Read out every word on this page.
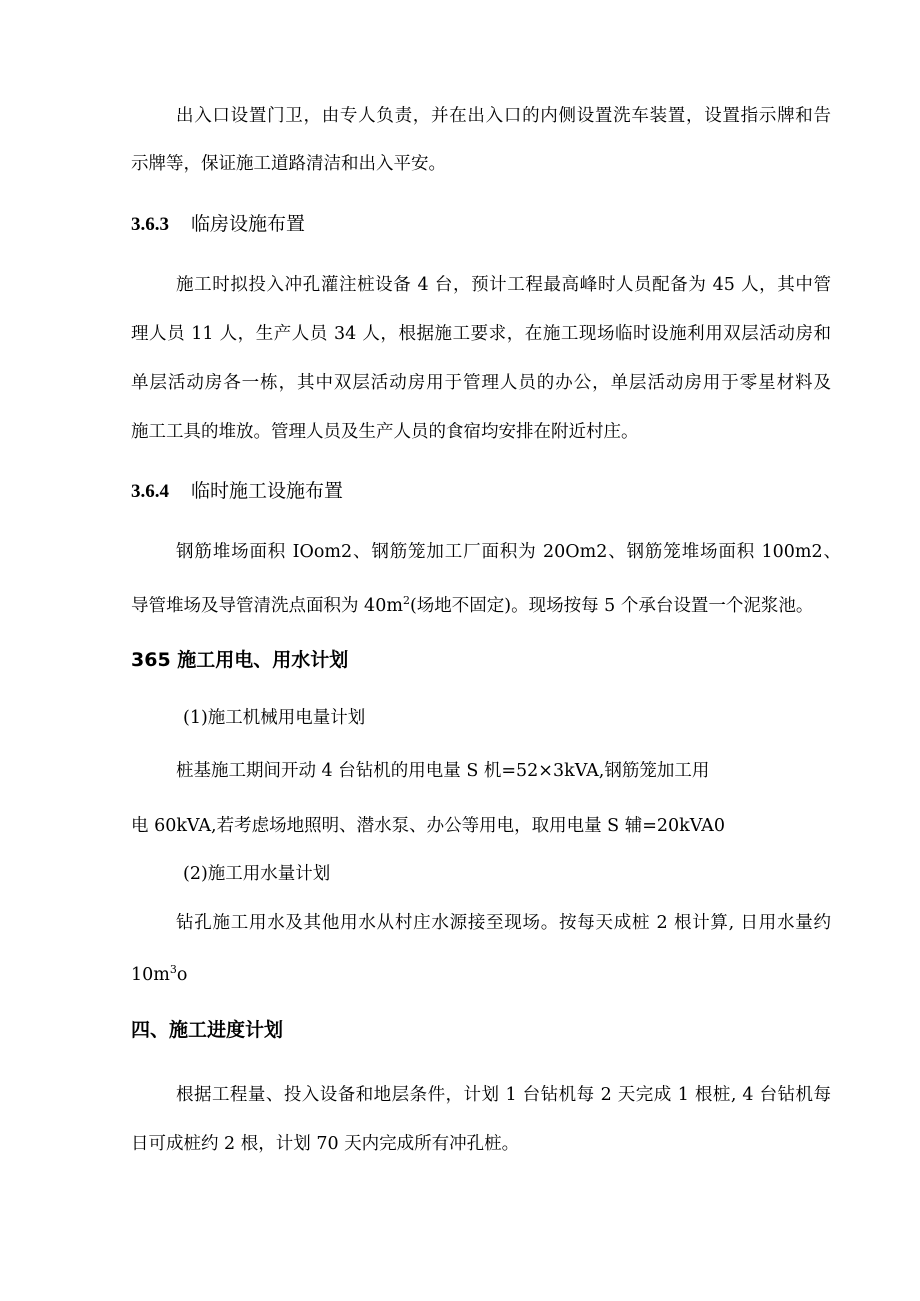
出入口设置门卫，由专人负责，并在出入口的内侧设置洗车装置，设置指示牌和告
示牌等，保证施工道路清洁和出入平安。
3.6.3 临房设施布置
施工时拟投入冲孔灌注桩设备 4 台，预计工程最高峰时人员配备为 45 人，其中管
理人员 11 人，生产人员 34 人，根据施工要求，在施工现场临时设施利用双层活动房和
单层活动房各一栋，其中双层活动房用于管理人员的办公，单层活动房用于零星材料及
施工工具的堆放。管理人员及生产人员的食宿均安排在附近村庄。
3.6.4 临时施工设施布置
钢筋堆场面积 IOom2、钢筋笼加工厂面积为 20Om2、钢筋笼堆场面积 100m2、
导管堆场及导管清洗点面积为 $40m^2$(场地不固定)。现场按每 5 个承台设置一个泥浆池。
365 施工用电、用水计划
(1)施工机械用电量计划
桩基施工期间开动 4 台钻机的用电量 S 机=52×3kVA,钢筋笼加工用
电 60kVA,若考虑场地照明、潜水泵、办公等用电，取用电量 S 辅=20kVA0
(2)施工用水量计划
钻孔施工用水及其他用水从村庄水源接至现场。按每天成桩 2 根计算, 日用水量约
$10m^3o$
四、施工进度计划
根据工程量、投入设备和地层条件，计划 1 台钻机每 2 天完成 1 根桩, 4 台钻机每
日可成桩约 2 根，计划 70 天内完成所有冲孔桩。
